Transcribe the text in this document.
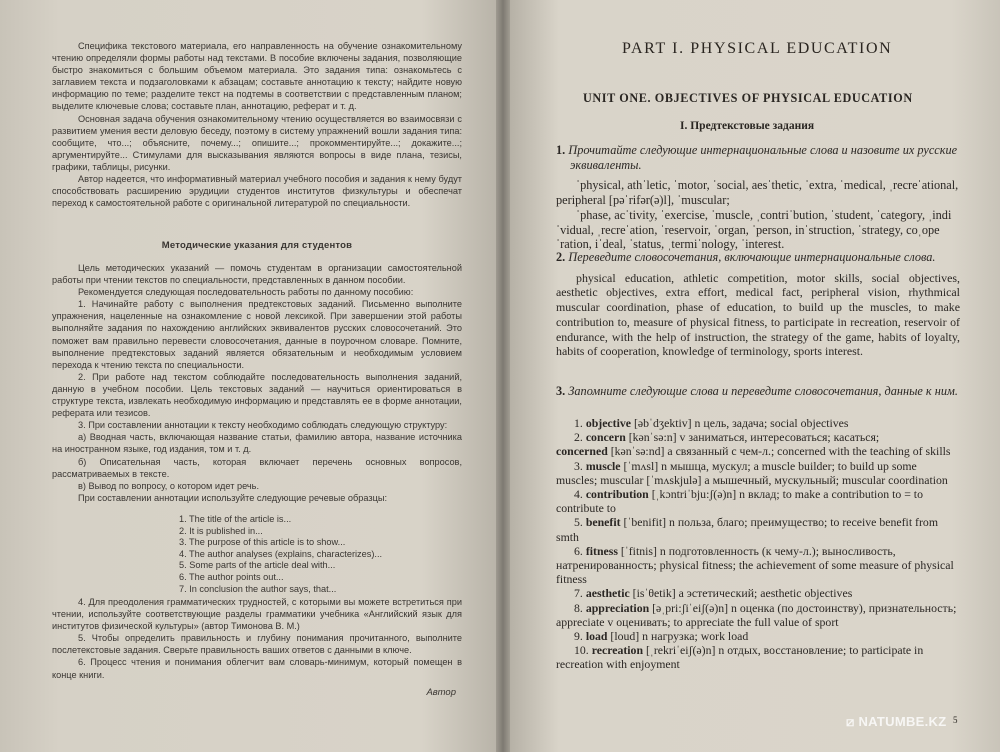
Специфика текстового материала, его направленность на обучение ознакомительному чтению определяли формы работы над текстами. В пособие включены задания, позволяющие быстро знакомиться с большим объемом материала. Это задания типа: ознакомьтесь с заглавием текста и подзаголовками к абзацам; составьте аннотацию к тексту; найдите новую информацию по теме; разделите текст на подтемы в соответствии с представленным планом; выделите ключевые слова; составьте план, аннотацию, реферат и т. д.

Основная задача обучения ознакомительному чтению осуществляется во взаимосвязи с развитием умения вести деловую беседу, поэтому в систему упражнений вошли задания типа: сообщите, что...; объясните, почему...; опишите...; прокомментируйте...; докажите...; аргументируйте... Стимулами для высказывания являются вопросы в виде плана, тезисы, графики, таблицы, рисунки.

Автор надеется, что информативный материал учебного пособия и задания к нему будут способствовать расширению эрудиции студентов институтов физкультуры и обеспечат переход к самостоятельной работе с оригинальной литературой по специальности.

Методические указания для студентов

Цель методических указаний — помочь студентам в организации самостоятельной работы при чтении текстов по специальности, представленных в данном пособии.

Рекомендуется следующая последовательность работы по данному пособию:

1. Начинайте работу с выполнения предтекстовых заданий. Письменно выполните упражнения, нацеленные на ознакомление с новой лексикой. При завершении этой работы выполняйте задания по нахождению английских эквивалентов русских словосочетаний. Это поможет вам правильно перевести словосочетания, данные в поурочном словаре. Помните, выполнение предтекстовых заданий является обязательным и необходимым условием перехода к чтению текста по специальности.

2. При работе над текстом соблюдайте последовательность выполнения заданий, данную в учебном пособии. Цель текстовых заданий — научиться ориентироваться в структуре текста, извлекать необходимую информацию и представлять ее в форме аннотации, реферата или тезисов.

3. При составлении аннотации к тексту необходимо соблюдать следующую структуру:

а) Вводная часть, включающая название статьи, фамилию автора, название источника на иностранном языке, год издания, том и т. д.

б) Описательная часть, которая включает перечень основных вопросов, рассматриваемых в тексте.

в) Вывод по вопросу, о котором идет речь.

При составлении аннотации используйте следующие речевые образцы:

1. The title of the article is...
2. It is published in...
3. The purpose of this article is to show...
4. The author analyses (explains, characterizes)...
5. Some parts of the article deal with...
6. The author points out...
7. In conclusion the author says, that...

4. Для преодоления грамматических трудностей, с которыми вы можете встретиться при чтении, используйте соответствующие разделы грамматики учебника «Английский язык для институтов физической культуры» (автор Тимонова В. М.)

5. Чтобы определить правильность и глубину понимания прочитанного, выполните послетекстовые задания. Сверьте правильность ваших ответов с данными в ключе.

6. Процесс чтения и понимания облегчит вам словарь-минимум, который помещен в конце книги.

Автор
PART I. PHYSICAL EDUCATION
UNIT ONE. OBJECTIVES OF PHYSICAL EDUCATION
I. Предтекстовые задания
1. Прочитайте следующие интернациональные слова и назовите их русские эквиваленты.
ˈphysical, athˈletic, ˈmotor, ˈsocial, aesˈthetic, ˈextra, ˈmedical, ˌrecreˈational, peripheral [pəˈrifər(ə)l], ˈmuscular;
ˈphase, acˈtivity, ˈexercise, ˈmuscle, ˌcontriˈbution, ˈstudent, ˈcategory, ˌindiˈvidual, ˌrecreˈation, ˈreservoir, ˈorgan, ˈperson, inˈstruction, ˈstrategy, coˌopeˈration, iˈdeal, ˈstatus, ˌtermiˈnology, ˈinterest.
2. Переведите словосочетания, включающие интернациональные слова.
physical education, athletic competition, motor skills, social objectives, aesthetic objectives, extra effort, medical fact, peripheral vision, rhythmical muscular coordination, phase of education, to build up the muscles, to make contribution to, measure of physical fitness, to participate in recreation, reservoir of endurance, with the help of instruction, the strategy of the game, habits of loyalty, habits of cooperation, knowledge of terminology, sports interest.
3. Запомните следующие слова и переведите словосочетания, данные к ним.
1. objective [əbˈdʒektiv] n цель, задача; social objectives
2. concern [kənˈsə:n] v заниматься, интересоваться; касаться;
concerned [kənˈsə:nd] a связанный с чем-л.; concerned with the teaching of skills
3. muscle [ˈmʌsl] n мышца, мускул; a muscle builder; to build up some muscles; muscular [ˈmʌskjulə] a мышечный, мускульный; muscular coordination
4. contribution [ˌkɔntriˈbju:ʃ(ə)n] n вклад; to make a contribution to = to contribute to
5. benefit [ˈbenifit] n польза, благо; преимущество; to receive benefit from smth
6. fitness [ˈfitnis] n подготовленность (к чему-л.); выносливость, натренированность; physical fitness; the achievement of some measure of physical fitness
7. aesthetic [isˈθetik] a эстетический; aesthetic objectives
8. appreciation [əˌpri:ʃiˈeiʃ(ə)n] n оценка (по достоинству), признательность; appreciate v оценивать; to appreciate the full value of sport
9. load [loud] n нагрузка; work load
10. recreation [ˌrekriˈeiʃ(ə)n] n отдых, восстановление; to participate in recreation with enjoyment
⧄ NATUMBE.KZ 5
